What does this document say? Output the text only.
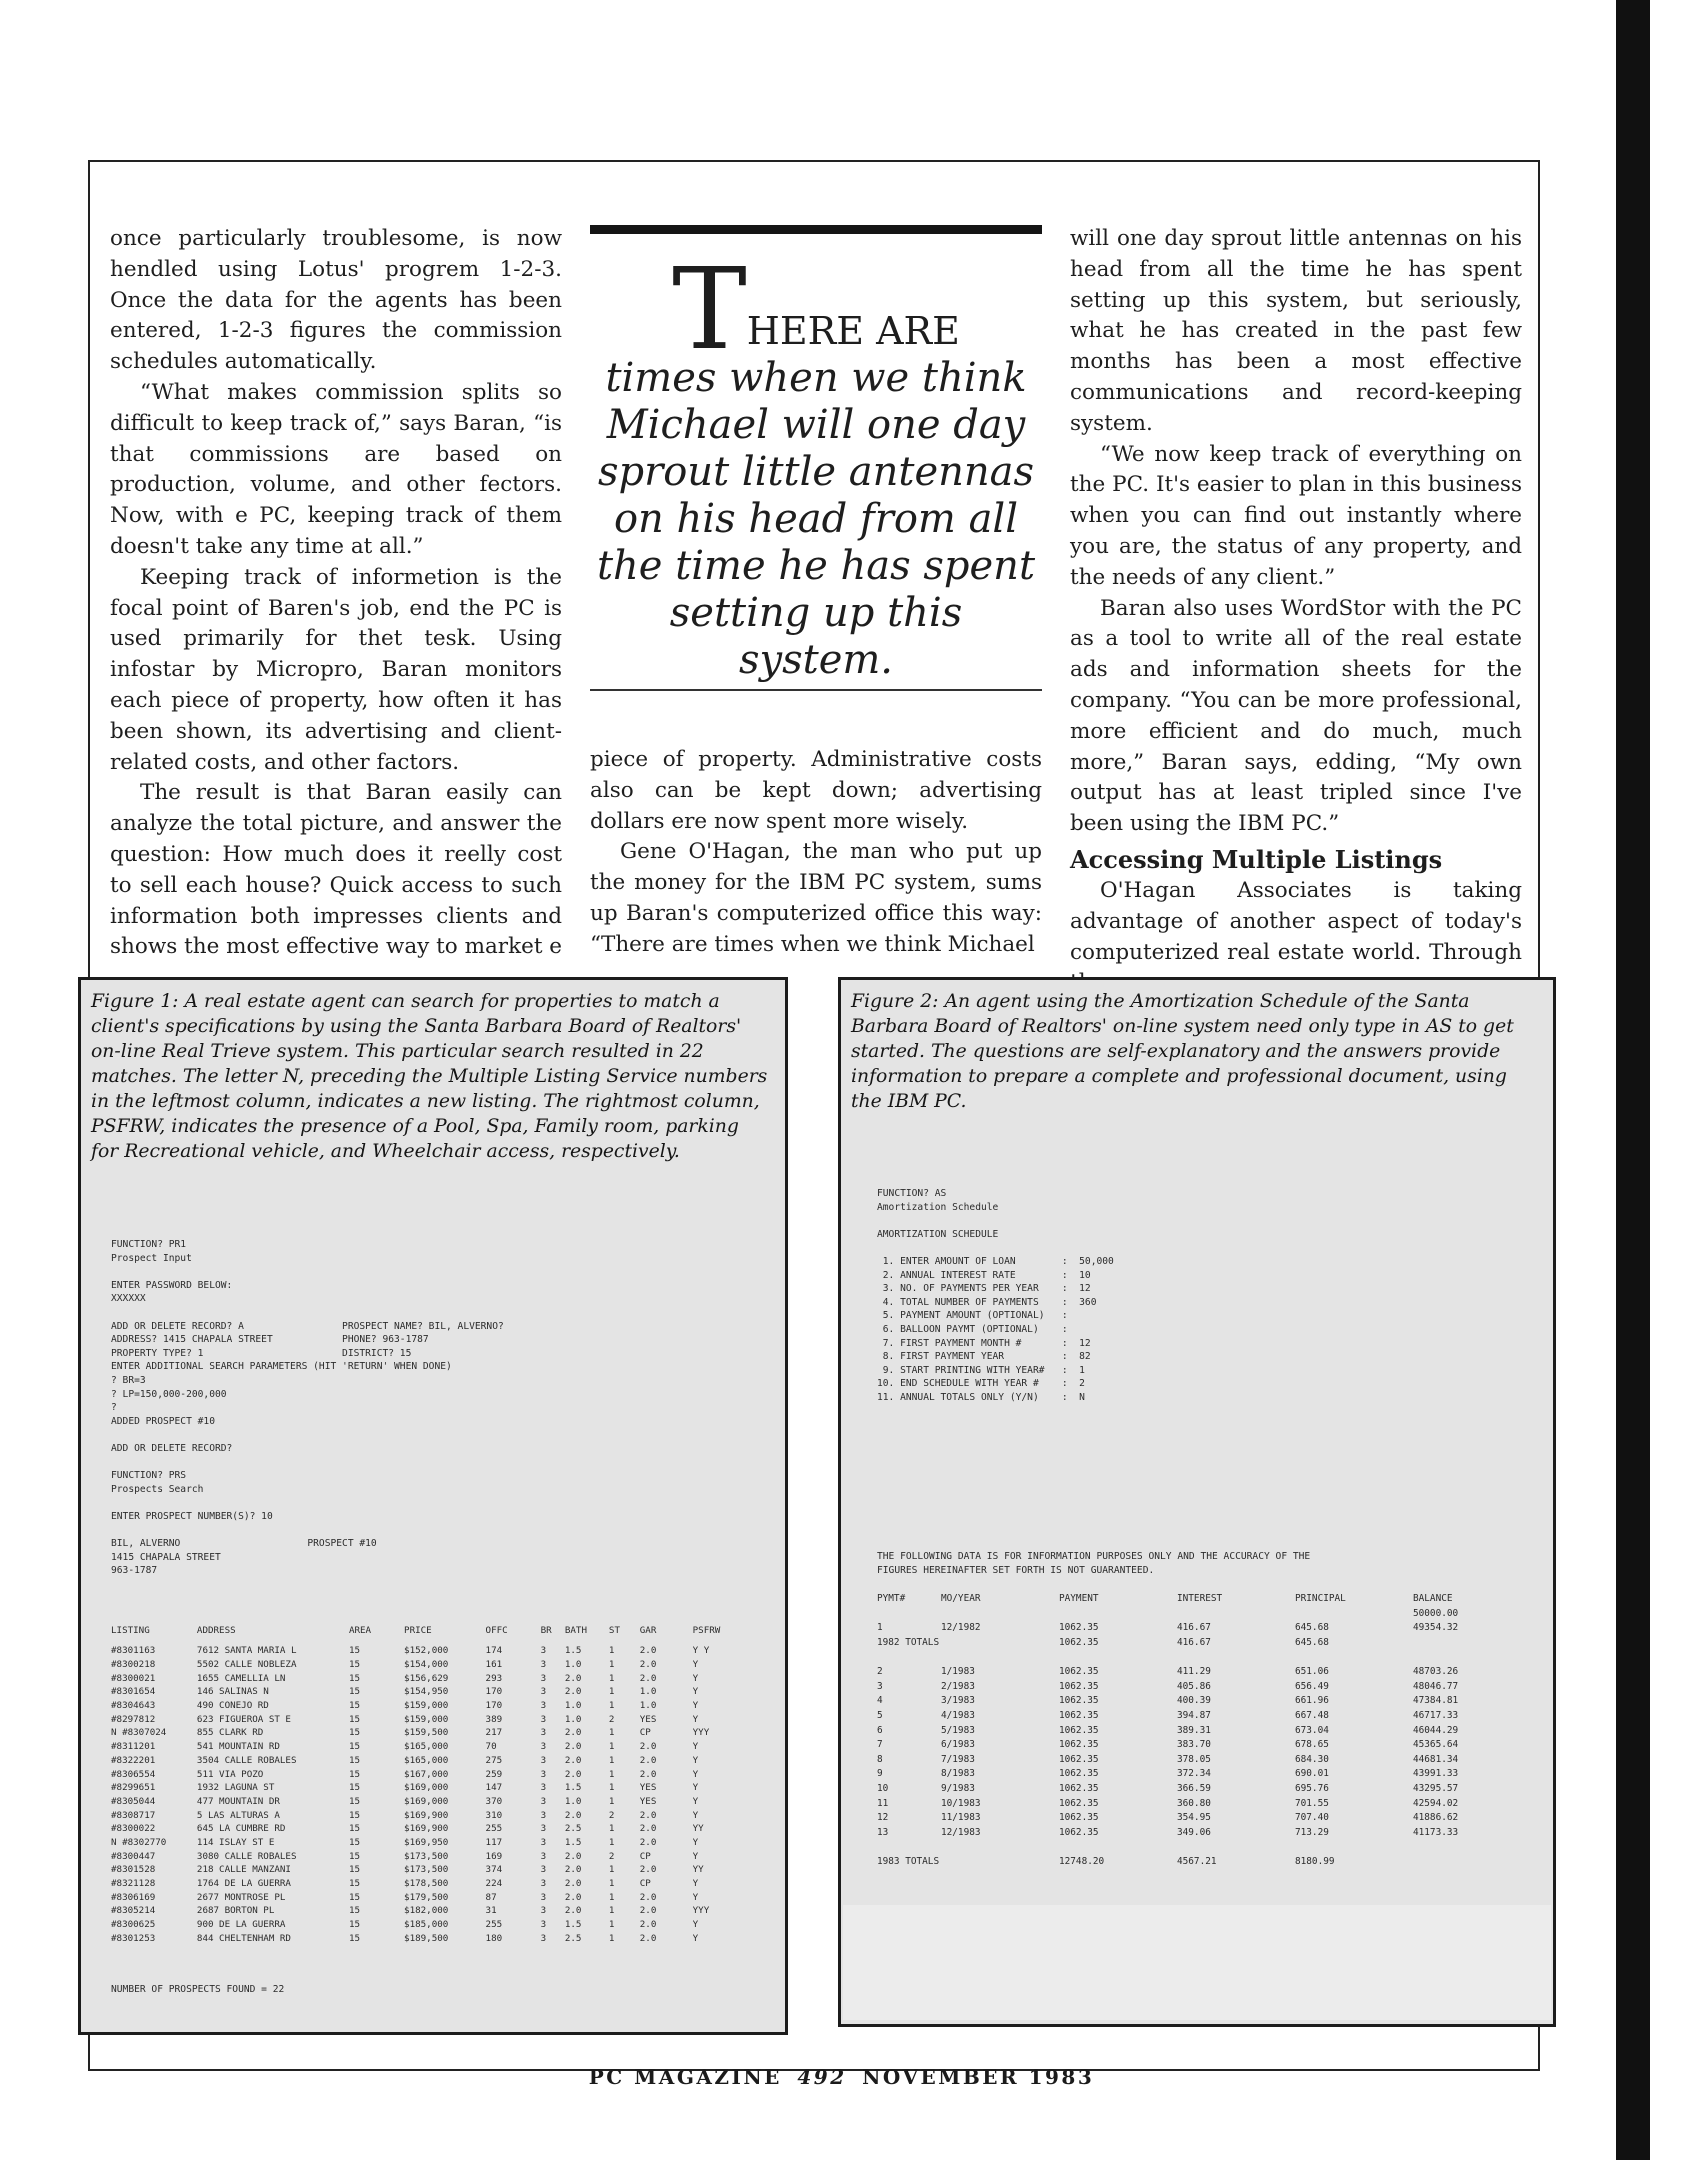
once particularly troublesome, is now hendled using Lotus' progrem 1-2-3. Once the data for the agents has been entered, 1-2-3 figures the commission schedules automatically.

“What makes commission splits so difficult to keep track of,” says Baran, “is that commissions are based on production, volume, and other fectors. Now, with e PC, keeping track of them doesn't take any time at all.”

Keeping track of informetion is the focal point of Baren's job, end the PC is used primarily for thet tesk. Using infostar by Micropro, Baran monitors each piece of property, how often it has been shown, its advertising and client-related costs, and other factors.

The result is that Baran easily can analyze the total picture, and answer the question: How much does it reelly cost to sell each house? Quick access to such information both impresses clients and shows the most effective way to market e

THERE ARE
times when we think Michael will one day sprout little antennas on his head from all the time he has spent setting up this system.

piece of property. Administrative costs also can be kept down; advertising dollars ere now spent more wisely.

Gene O'Hagan, the man who put up the money for the IBM PC system, sums up Baran's computerized office this way: “There are times when we think Michael

will one day sprout little antennas on his head from all the time he has spent setting up this system, but seriously, what he has created in the past few months has been a most effective communications and record-keeping system.

“We now keep track of everything on the PC. It's easier to plan in this business when you can find out instantly where you are, the status of any property, and the needs of any client.”

Baran also uses WordStor with the PC as a tool to write all of the real estate ads and information sheets for the company. “You can be more professional, more efficient and do much, much more,” Baran says, edding, “My own output has at least tripled since I've been using the IBM PC.”

Accessing Multiple Listings

O'Hagan Associates is taking advantage of another aspect of today's computerized real estate world. Through

Figure 1: A real estate agent can search for properties to match a client's specifications by using the Santa Barbara Board of Realtors' on-line Real Trieve system. This particular search resulted in 22 matches. The letter N, preceding the Multiple Listing Service numbers in the leftmost column, indicates a new listing. The rightmost column, PSFRW, indicates the presence of a Pool, Spa, Family room, parking for Recreational vehicle, and Wheelchair access, respectively.

FUNCTION? PR1
Prospect Input

ENTER PASSWORD BELOW:
XXXXXX

ADD OR DELETE RECORD? A                 PROSPECT NAME? BIL, ALVERNO?
ADDRESS? 1415 CHAPALA STREET            PHONE? 963-1787
PROPERTY TYPE? 1                        DISTRICT? 15
ENTER ADDITIONAL SEARCH PARAMETERS (HIT 'RETURN' WHEN DONE)
? BR=3
? LP=150,000-200,000
?
ADDED PROSPECT #10

ADD OR DELETE RECORD?

FUNCTION? PRS
Prospects Search

ENTER PROSPECT NUMBER(S)? 10

BIL, ALVERNO                      PROSPECT #10
1415 CHAPALA STREET
963-1787
LISTING	ADDRESS	AREA	PRICE	OFFC	BR	BATH	ST	GAR	PSFRW
#8301163	7612 SANTA MARIA L	15	$152,000	174	3	1.5	1	2.0	Y Y
#8300218	5502 CALLE NOBLEZA	15	$154,000	161	3	1.0	1	2.0	Y
#8300021	1655 CAMELLIA LN	15	$156,629	293	3	2.0	1	2.0	Y
#8301654	146 SALINAS N	15	$154,950	170	3	2.0	1	1.0	Y
#8304643	490 CONEJO RD	15	$159,000	170	3	1.0	1	1.0	Y
#8297812	623 FIGUEROA ST E	15	$159,000	389	3	1.0	2	YES	Y
N #8307024	855 CLARK RD	15	$159,500	217	3	2.0	1	CP	YYY
#8311201	541 MOUNTAIN RD	15	$165,000	70	3	2.0	1	2.0	Y
#8322201	3504 CALLE ROBALES	15	$165,000	275	3	2.0	1	2.0	Y
#8306554	511 VIA POZO	15	$167,000	259	3	2.0	1	2.0	Y
#8299651	1932 LAGUNA ST	15	$169,000	147	3	1.5	1	YES	Y
#8305044	477 MOUNTAIN DR	15	$169,000	370	3	1.0	1	YES	Y
#8308717	5 LAS ALTURAS A	15	$169,900	310	3	2.0	2	2.0	Y
#8300022	645 LA CUMBRE RD	15	$169,900	255	3	2.5	1	2.0	YY
N #8302770	114 ISLAY ST E	15	$169,950	117	3	1.5	1	2.0	Y
#8300447	3080 CALLE ROBALES	15	$173,500	169	3	2.0	2	CP	Y
#8301528	218 CALLE MANZANI	15	$173,500	374	3	2.0	1	2.0	YY
#8321128	1764 DE LA GUERRA	15	$178,500	224	3	2.0	1	CP	Y
#8306169	2677 MONTROSE PL	15	$179,500	87	3	2.0	1	2.0	Y
#8305214	2687 BORTON PL	15	$182,000	31	3	2.0	1	2.0	YYY
#8300625	900 DE LA GUERRA	15	$185,000	255	3	1.5	1	2.0	Y
#8301253	844 CHELTENHAM RD	15	$189,500	180	3	2.5	1	2.0	Y
NUMBER OF PROSPECTS FOUND = 22

Figure 2: An agent using the Amortization Schedule of the Santa Barbara Board of Realtors' on-line system need only type in AS to get started. The questions are self-explanatory and the answers provide information to prepare a complete and professional document, using the IBM PC.

FUNCTION? AS
Amortization Schedule

AMORTIZATION SCHEDULE

1. ENTER AMOUNT OF LOAN        :  50,000
2. ANNUAL INTEREST RATE        :  10
3. NO. OF PAYMENTS PER YEAR    :  12
4. TOTAL NUMBER OF PAYMENTS    :  360
5. PAYMENT AMOUNT (OPTIONAL)   :
6. BALLOON PAYMT (OPTIONAL)    :
7. FIRST PAYMENT MONTH #       :  12
8. FIRST PAYMENT YEAR          :  82
9. START PRINTING WITH YEAR#   :  1
10. END SCHEDULE WITH YEAR #    :  2
11. ANNUAL TOTALS ONLY (Y/N)    :  N
THE FOLLOWING DATA IS FOR INFORMATION PURPOSES ONLY AND THE ACCURACY OF THE
FIGURES HEREINAFTER SET FORTH IS NOT GUARANTEED.
PYMT#	MO/YEAR	PAYMENT	INTEREST	PRINCIPAL	BALANCE
					50000.00
1	12/1982	1062.35	416.67	645.68	49354.32
1982 TOTALS		1062.35	416.67	645.68	

2	1/1983	1062.35	411.29	651.06	48703.26
3	2/1983	1062.35	405.86	656.49	48046.77
4	3/1983	1062.35	400.39	661.96	47384.81
5	4/1983	1062.35	394.87	667.48	46717.33
6	5/1983	1062.35	389.31	673.04	46044.29
7	6/1983	1062.35	383.70	678.65	45365.64
8	7/1983	1062.35	378.05	684.30	44681.34
9	8/1983	1062.35	372.34	690.01	43991.33
10	9/1983	1062.35	366.59	695.76	43295.57
11	10/1983	1062.35	360.80	701.55	42594.02
12	11/1983	1062.35	354.95	707.40	41886.62
13	12/1983	1062.35	349.06	713.29	41173.33

1983 TOTALS		12748.20	4567.21	8180.99	
PC MAGAZINE 492 NOVEMBER 1983
